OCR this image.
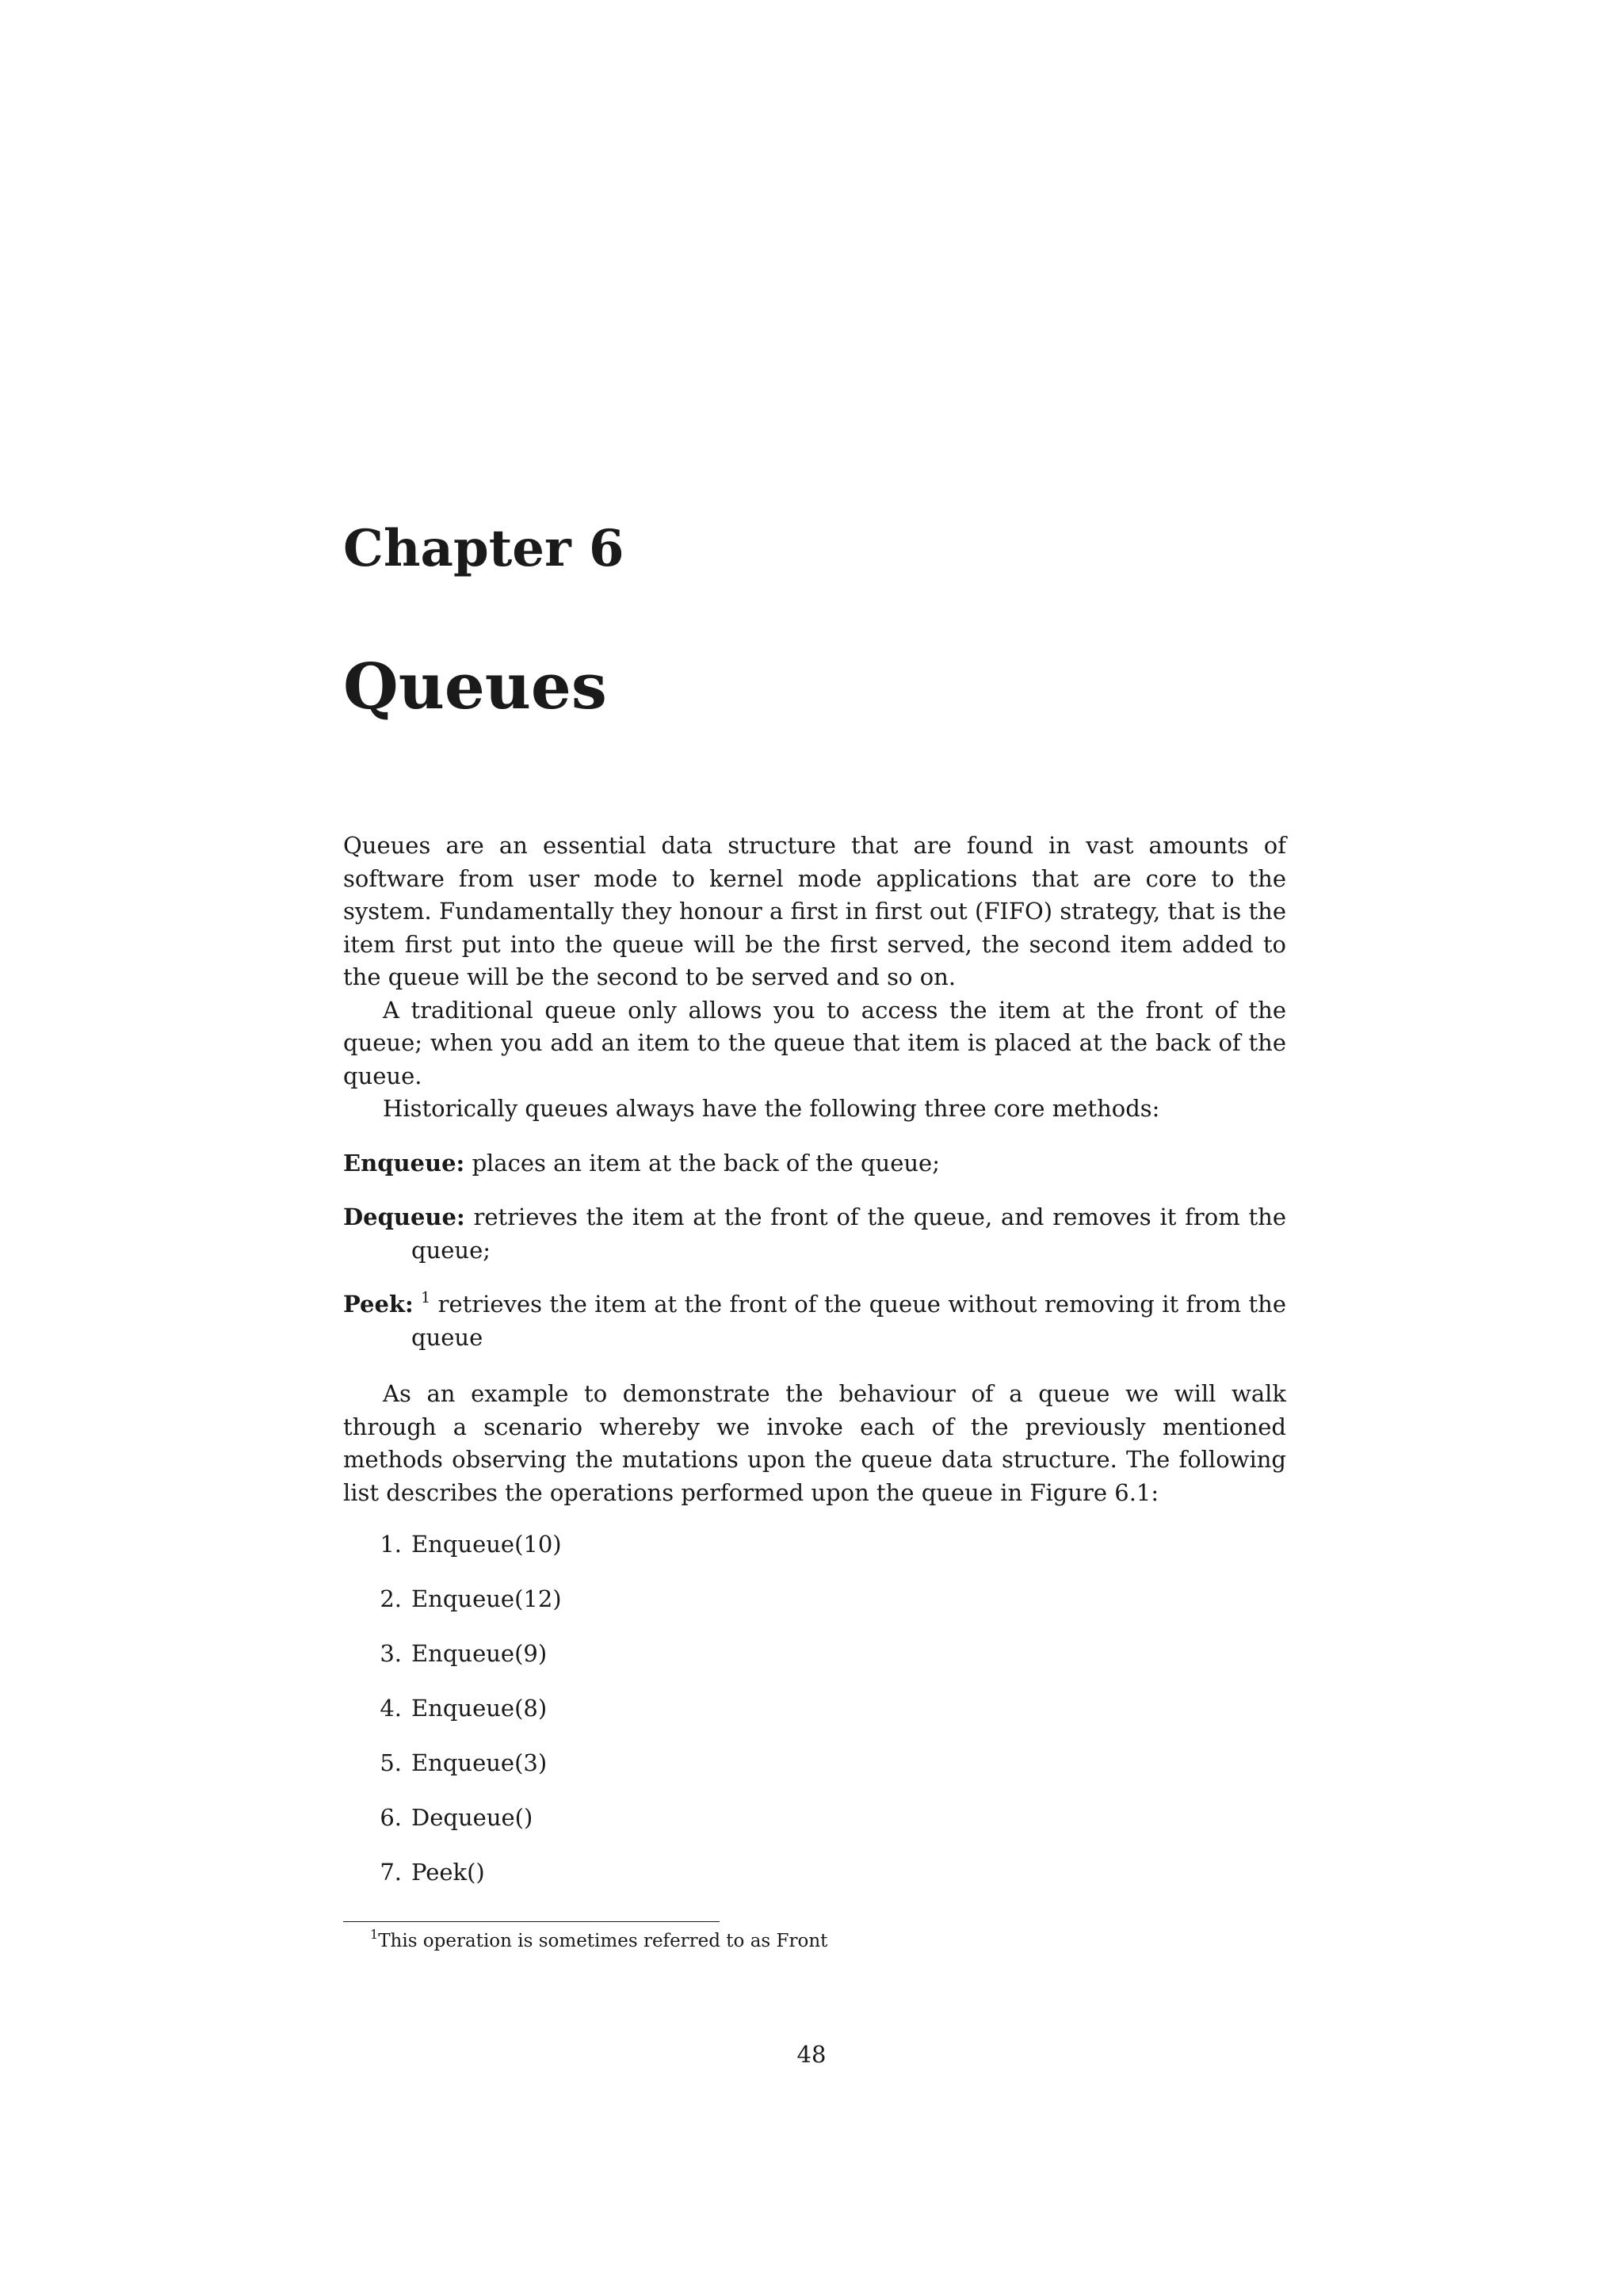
Chapter 6
Queues

Queues are an essential data structure that are found in vast amounts of software from user mode to kernel mode applications that are core to the system. Fundamentally they honour a first in first out (FIFO) strategy, that is the item first put into the queue will be the first served, the second item added to the queue will be the second to be served and so on.

A traditional queue only allows you to access the item at the front of the queue; when you add an item to the queue that item is placed at the back of the queue.

Historically queues always have the following three core methods:

Enqueue: places an item at the back of the queue;

Dequeue: retrieves the item at the front of the queue, and removes it from the queue;

Peek: $^1$ retrieves the item at the front of the queue without removing it from the queue

As an example to demonstrate the behaviour of a queue we will walk through a scenario whereby we invoke each of the previously mentioned methods observing the mutations upon the queue data structure. The following list describes the operations performed upon the queue in Figure 6.1:

1. Enqueue(10)
2. Enqueue(12)
3. Enqueue(9)
4. Enqueue(8)
5. Enqueue(3)
6. Dequeue()
7. Peek()

$^1$This operation is sometimes referred to as Front

48
